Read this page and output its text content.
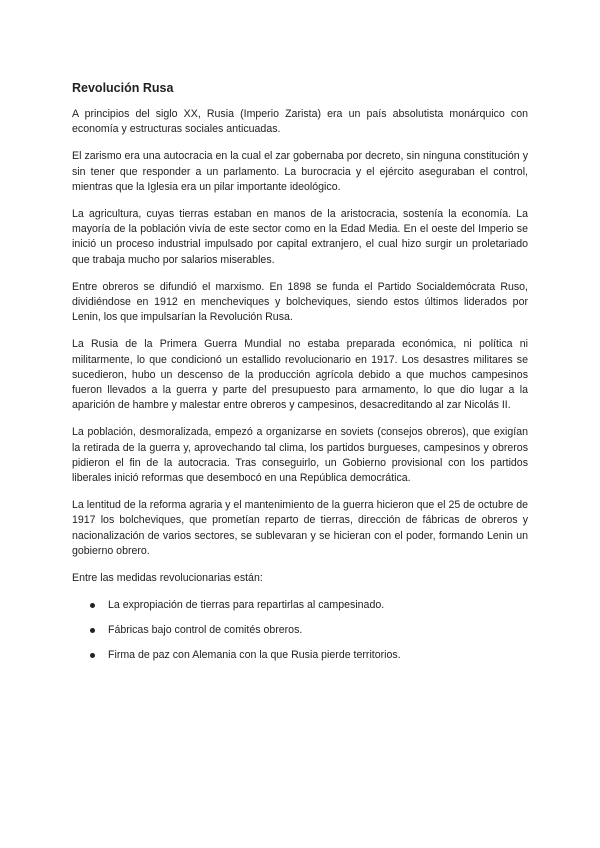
Revolución Rusa

A principios del siglo XX, Rusia (Imperio Zarista) era un país absolutista monárquico con economía y estructuras sociales anticuadas.

El zarismo era una autocracia en la cual el zar gobernaba por decreto, sin ninguna constitución y sin tener que responder a un parlamento. La burocracia y el ejército aseguraban el control, mientras que la Iglesia era un pilar importante ideológico.

La agricultura, cuyas tierras estaban en manos de la aristocracia, sostenía la economía. La mayoría de la población vivía de este sector como en la Edad Media. En el oeste del Imperio se inició un proceso industrial impulsado por capital extranjero, el cual hizo surgir un proletariado que trabaja mucho por salarios miserables.

Entre obreros se difundió el marxismo. En 1898 se funda el Partido Socialdemócrata Ruso, dividiéndose en 1912 en mencheviques y bolcheviques, siendo estos últimos liderados por Lenin, los que impulsarían la Revolución Rusa.

La Rusia de la Primera Guerra Mundial no estaba preparada económica, ni política ni militarmente, lo que condicionó un estallido revolucionario en 1917. Los desastres militares se sucedieron, hubo un descenso de la producción agrícola debido a que muchos campesinos fueron llevados a la guerra y parte del presupuesto para armamento, lo que dio lugar a la aparición de hambre y malestar entre obreros y campesinos, desacreditando al zar Nicolás II.

La población, desmoralizada, empezó a organizarse en soviets (consejos obreros), que exigían la retirada de la guerra y, aprovechando tal clima, los partidos burgueses, campesinos y obreros pidieron el fin de la autocracia. Tras conseguirlo, un Gobierno provisional con los partidos liberales inició reformas que desembocó en una República democrática.

La lentitud de la reforma agraria y el mantenimiento de la guerra hicieron que el 25 de octubre de 1917 los bolcheviques, que prometían reparto de tierras, dirección de fábricas de obreros y nacionalización de varios sectores, se sublevaran y se hicieran con el poder, formando Lenin un gobierno obrero.

Entre las medidas revolucionarias están:

La expropiación de tierras para repartirlas al campesinado.
Fábricas bajo control de comités obreros.
Firma de paz con Alemania con la que Rusia pierde territorios.
